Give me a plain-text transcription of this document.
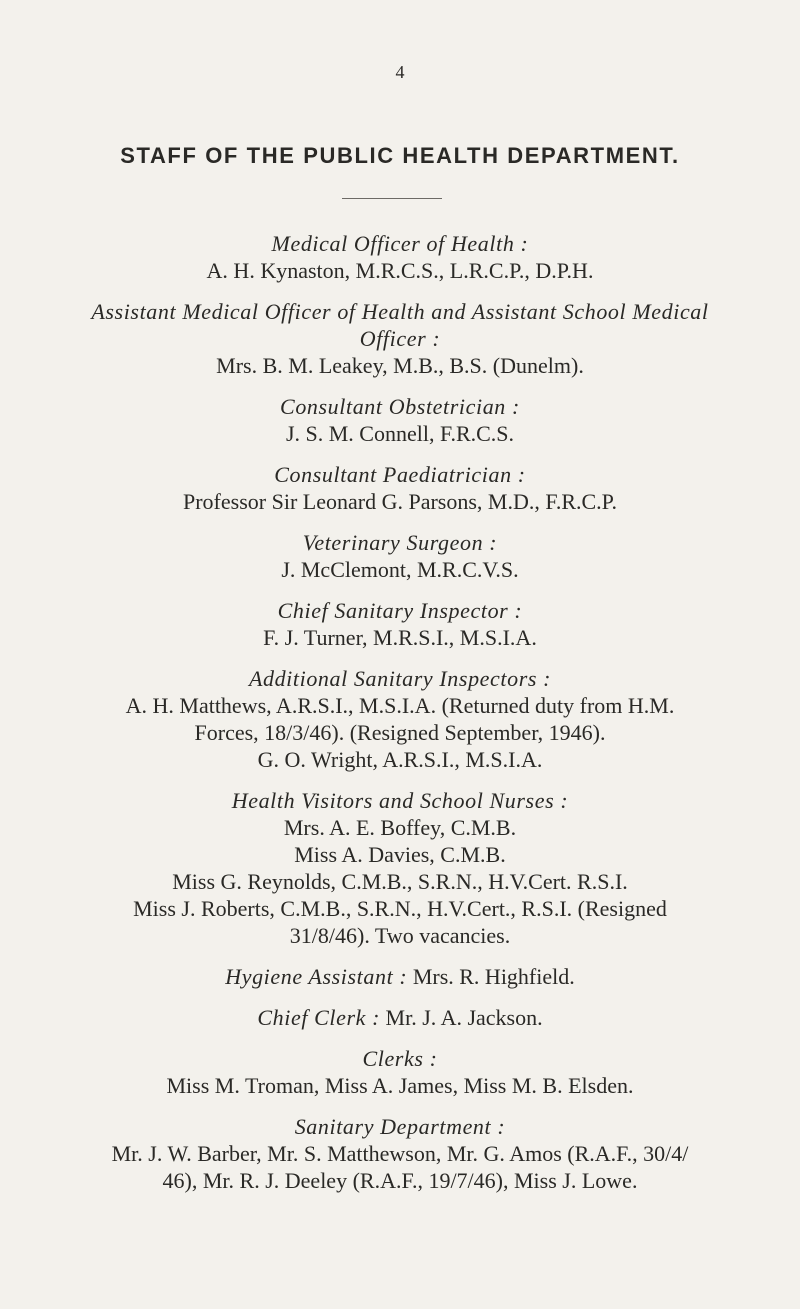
4
STAFF OF THE PUBLIC HEALTH DEPARTMENT.
Medical Officer of Health :
A. H. Kynaston, M.R.C.S., L.R.C.P., D.P.H.
Assistant Medical Officer of Health and Assistant School Medical
Officer :
Mrs. B. M. Leakey, M.B., B.S. (Dunelm).
Consultant Obstetrician :
J. S. M. Connell, F.R.C.S.
Consultant Paediatrician :
Professor Sir Leonard G. Parsons, M.D., F.R.C.P.
Veterinary Surgeon :
J. McClemont, M.R.C.V.S.
Chief Sanitary Inspector :
F. J. Turner, M.R.S.I., M.S.I.A.
Additional Sanitary Inspectors :
A. H. Matthews, A.R.S.I., M.S.I.A. (Returned duty from H.M.
Forces, 18/3/46). (Resigned September, 1946).
G. O. Wright, A.R.S.I., M.S.I.A.
Health Visitors and School Nurses :
Mrs. A. E. Boffey, C.M.B.
Miss A. Davies, C.M.B.
Miss G. Reynolds, C.M.B., S.R.N., H.V.Cert. R.S.I.
Miss J. Roberts, C.M.B., S.R.N., H.V.Cert., R.S.I. (Resigned
31/8/46). Two vacancies.
Hygiene Assistant : Mrs. R. Highfield.
Chief Clerk : Mr. J. A. Jackson.
Clerks :
Miss M. Troman, Miss A. James, Miss M. B. Elsden.
Sanitary Department :
Mr. J. W. Barber, Mr. S. Matthewson, Mr. G. Amos (R.A.F., 30/4/
46), Mr. R. J. Deeley (R.A.F., 19/7/46), Miss J. Lowe.
